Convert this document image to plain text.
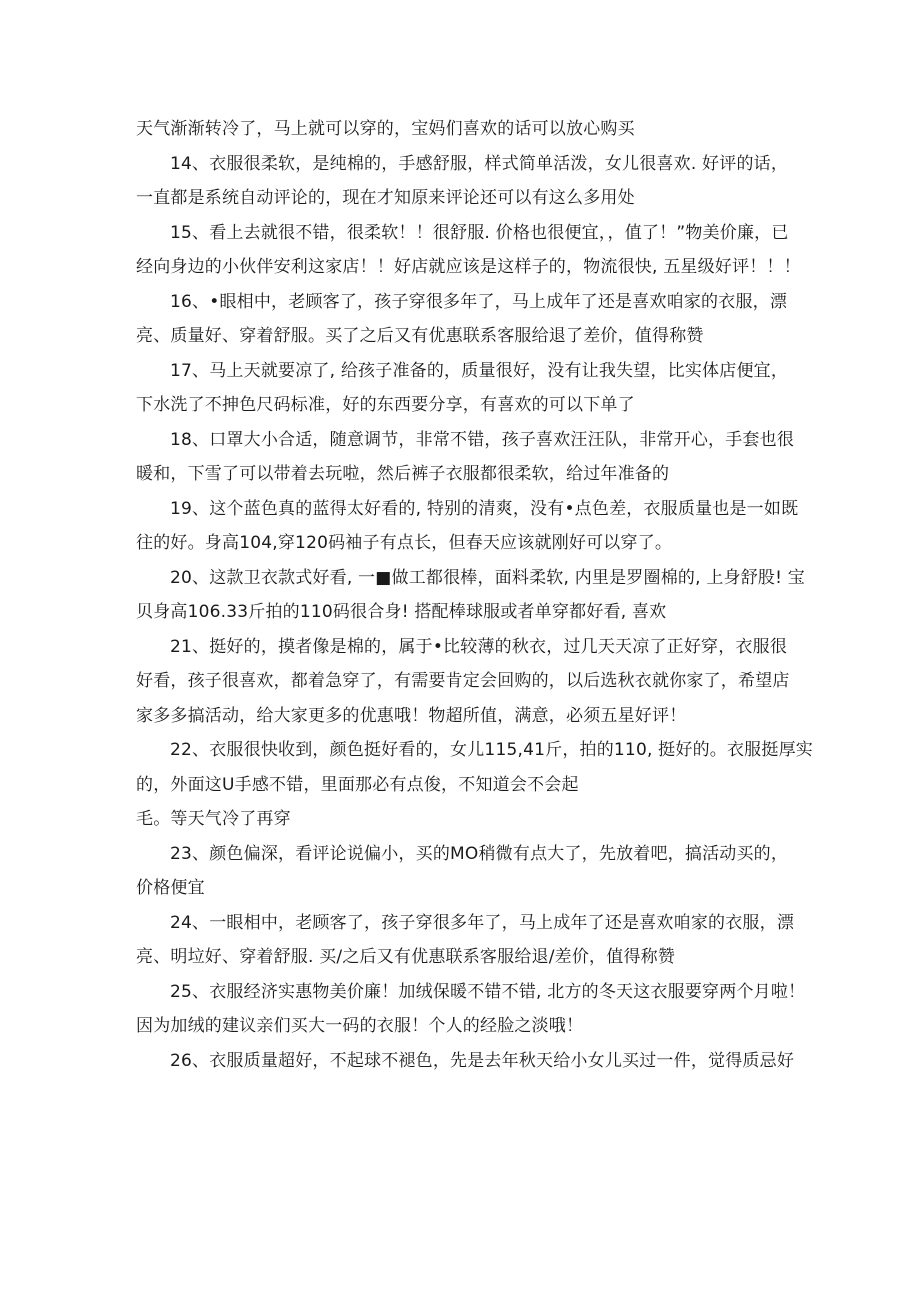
天气渐渐转冷了，马上就可以穿的，宝妈们喜欢的话可以放心购买
14、衣服很柔软，是纯棉的，手感舒服，样式简单活泼，女儿很喜欢. 好评的话，
一直都是系统自动评论的，现在才知原来评论还可以有这么多用处
15、看上去就很不错，很柔软！！很舒服. 价格也很便宜，，值了！”物美价廉，已
经向身边的小伙伴安利这家店！！好店就应该是这样子的，物流很快, 五星级好评！！！
16、•眼相中，老顾客了，孩子穿很多年了，马上成年了还是喜欢咱家的衣服，漂
亮、质量好、穿着舒服。买了之后又有优惠联系客服给退了差价，值得称赞
17、马上天就要凉了, 给孩子准备的，质量很好，没有让我失望，比实体店便宜，
下水洗了不抻色尺码标准，好的东西要分享，有喜欢的可以下单了
18、口罩大小合适，随意调节，非常不错，孩子喜欢汪汪队，非常开心，手套也很
暖和，下雪了可以带着去玩啦，然后裤子衣服都很柔软，给过年准备的
19、这个蓝色真的蓝得太好看的, 特别的清爽，没有•点色差，衣服质量也是一如既
往的好。身高104,穿120码袖子有点长，但春天应该就刚好可以穿了。
20、这款卫衣款式好看, 一■做工都很棒，面料柔软, 内里是罗圈棉的, 上身舒股! 宝
贝身高106.33斤拍的110码很合身! 搭配棒球服或者单穿都好看, 喜欢
21、挺好的，摸者像是棉的，属于•比较薄的秋衣，过几天天凉了正好穿，衣服很
好看，孩子很喜欢，都着急穿了，有需要肯定会回购的，以后选秋衣就你家了，希望店
家多多搞活动，给大家更多的优惠哦！物超所值，满意，必须五星好评！
22、衣服很快收到，颜色挺好看的，女儿115,41斤，拍的110, 挺好的。衣服挺厚实
的，外面这U手感不错，里面那必有点俊，不知道会不会起
毛。等天气冷了再穿
23、颜色偏深，看评论说偏小，买的MO稍微有点大了，先放着吧，搞活动买的，
价格便宜
24、一眼相中，老顾客了，孩子穿很多年了，马上成年了还是喜欢咱家的衣服，漂
亮、明垃好、穿着舒服. 买/之后又有优惠联系客服给退/差价，值得称赞
25、衣服经济实惠物美价廉！加绒保暖不错不错, 北方的冬天这衣服要穿两个月啦！
因为加绒的建议亲们买大一码的衣服！个人的经脸之淡哦！
26、衣服质量超好，不起球不褪色，先是去年秋天给小女儿买过一件，觉得质忌好
